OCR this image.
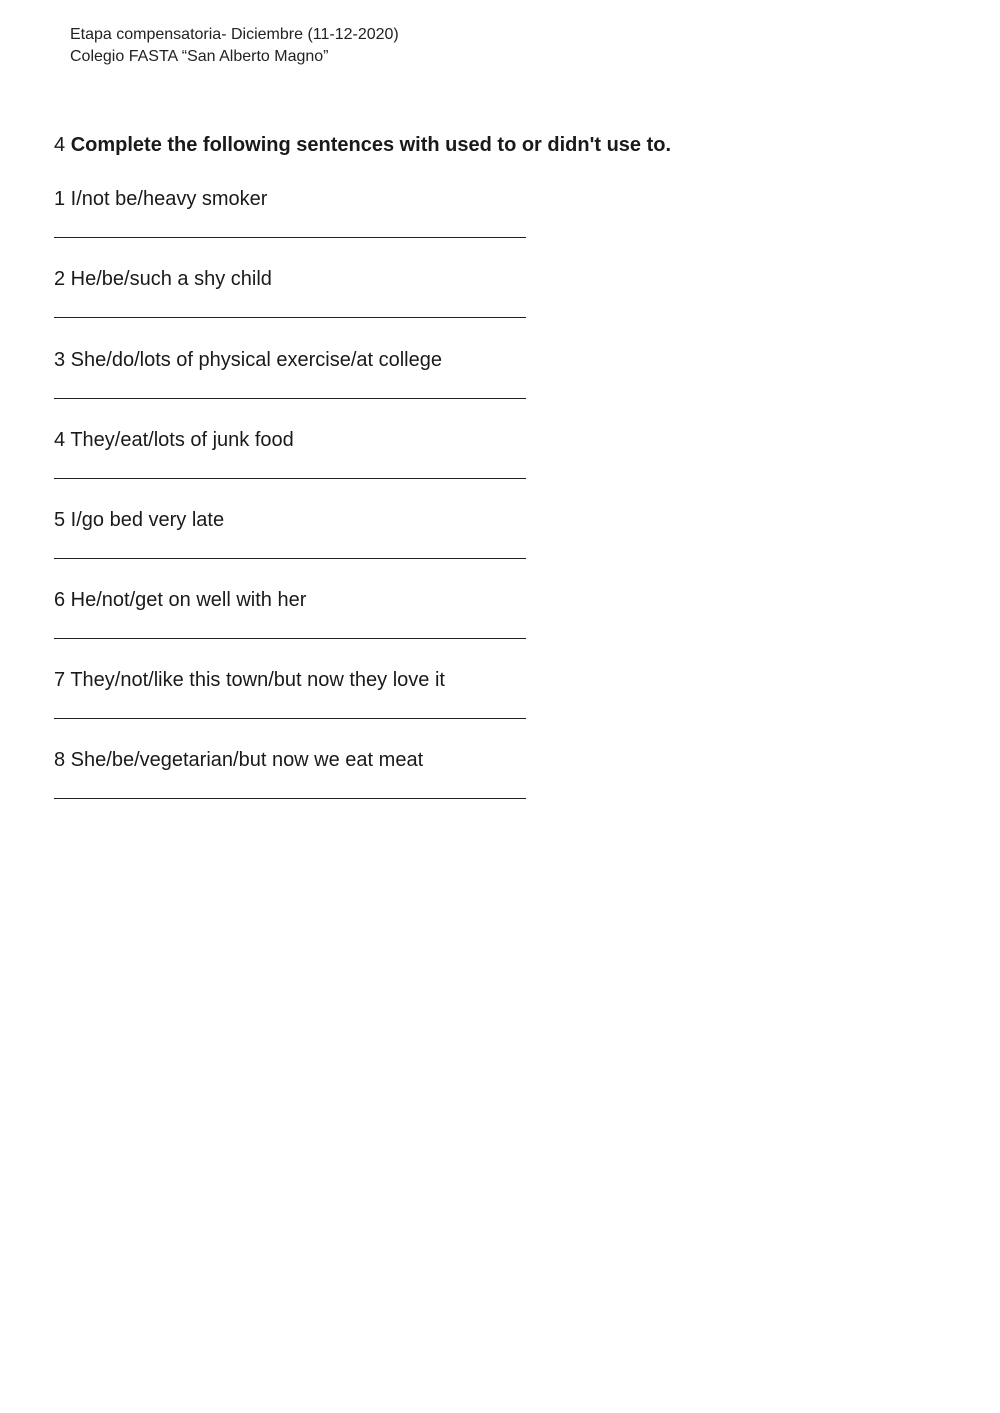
Etapa compensatoria- Diciembre (11-12-2020)
Colegio FASTA “San Alberto Magno”
4 Complete the following sentences with used to or didn't use to.
1 I/not be/heavy smoker
2 He/be/such a shy child
3 She/do/lots of physical exercise/at college
4 They/eat/lots of junk food
5 I/go bed very late
6 He/not/get on well with her
7 They/not/like this town/but now they love it
8 She/be/vegetarian/but now we eat meat
